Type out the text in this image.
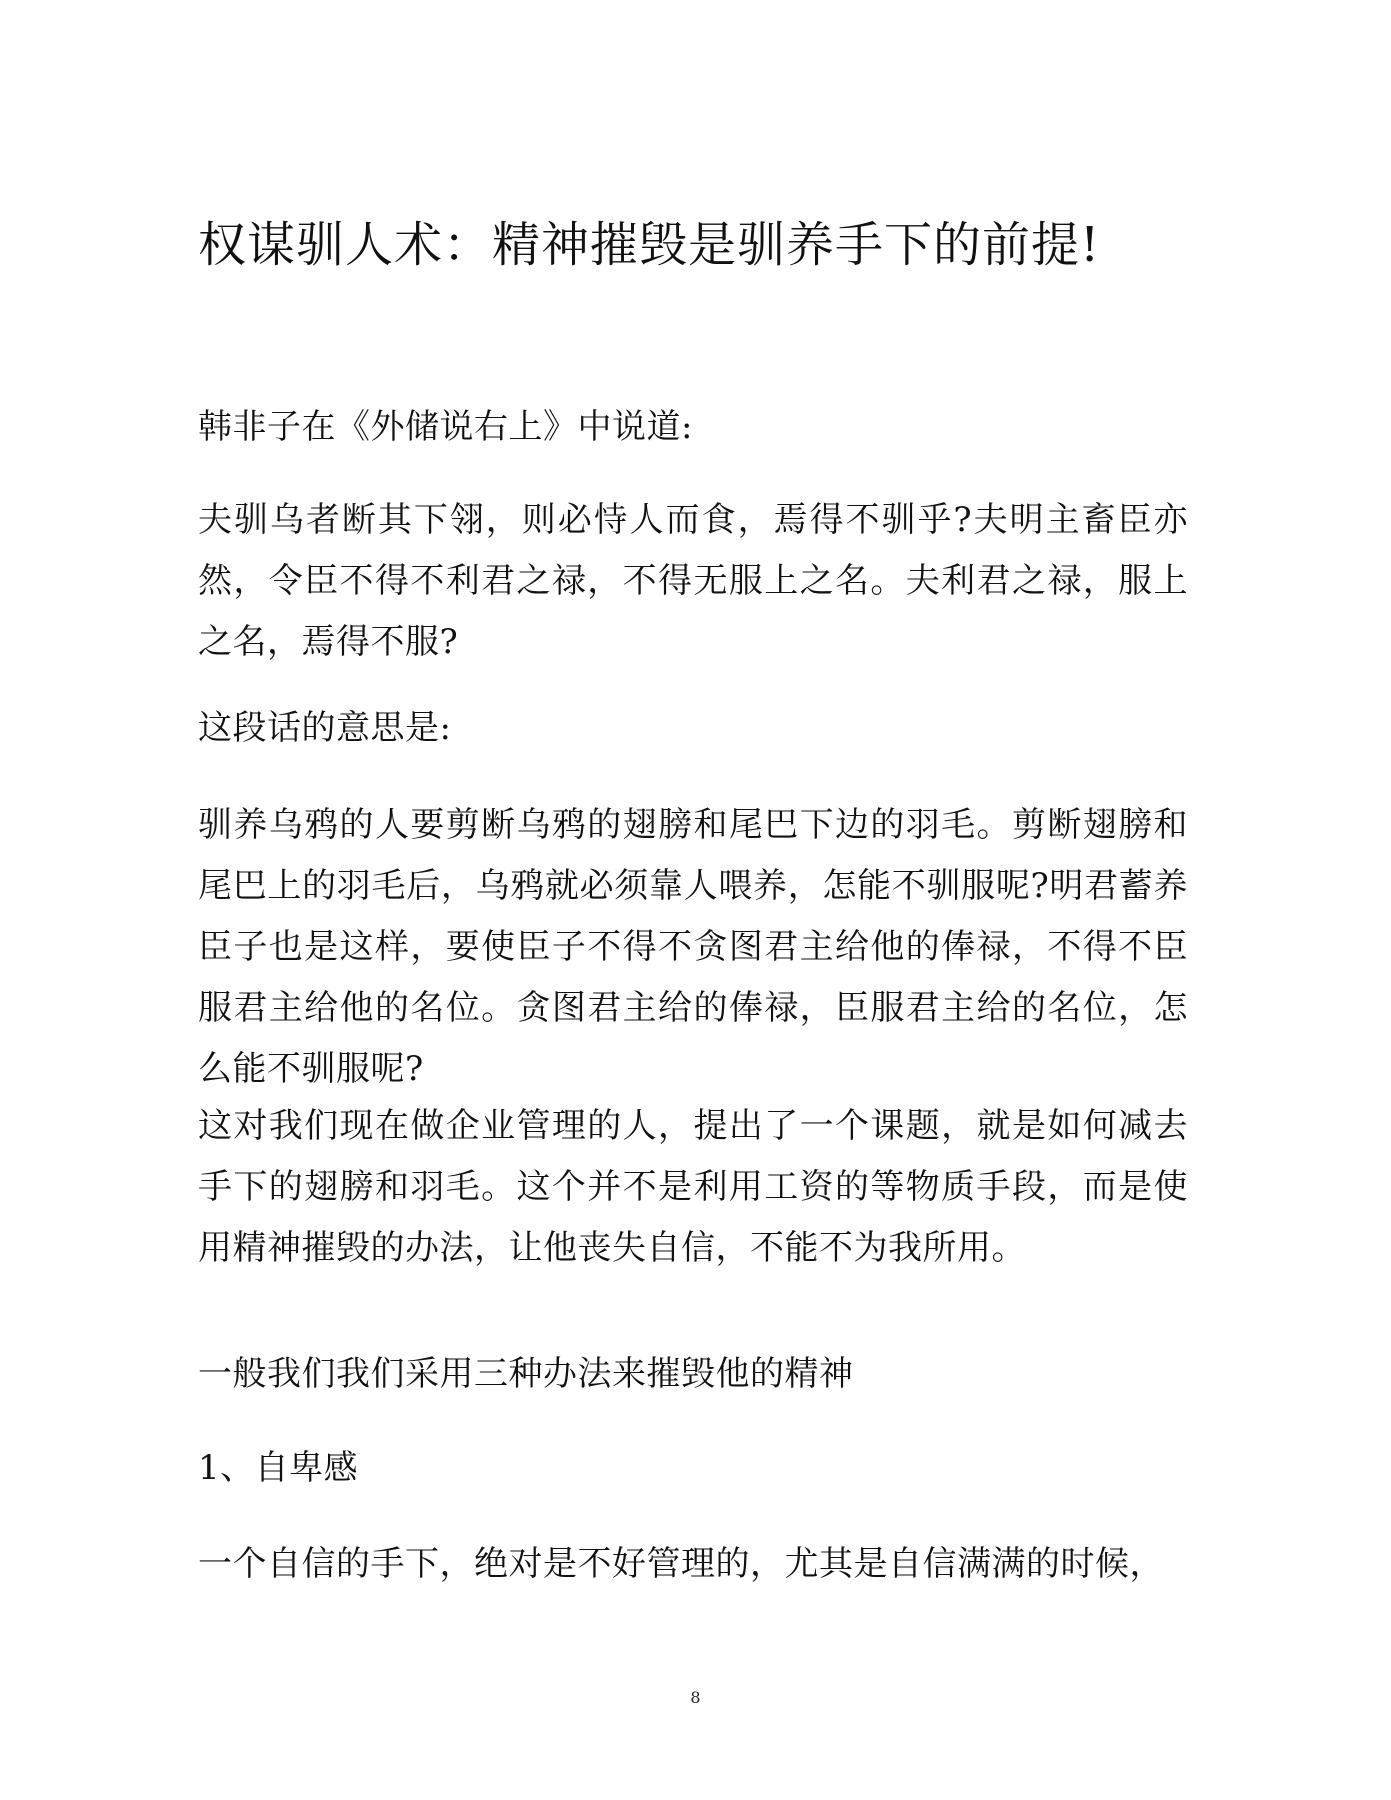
权谋驯人术：精神摧毁是驯养手下的前提!

韩非子在《外储说右上》中说道:

夫驯乌者断其下翎，则必恃人而食，焉得不驯乎?夫明主畜臣亦然，令臣不得不利君之禄，不得无服上之名。夫利君之禄，服上之名，焉得不服?

这段话的意思是:

驯养乌鸦的人要剪断乌鸦的翅膀和尾巴下边的羽毛。剪断翅膀和尾巴上的羽毛后，乌鸦就必须靠人喂养，怎能不驯服呢?明君蓄养臣子也是这样，要使臣子不得不贪图君主给他的俸禄，不得不臣服君主给他的名位。贪图君主给的俸禄，臣服君主给的名位，怎么能不驯服呢?

这对我们现在做企业管理的人，提出了一个课题，就是如何减去手下的翅膀和羽毛。这个并不是利用工资的等物质手段，而是使用精神摧毁的办法，让他丧失自信，不能不为我所用。

一般我们我们采用三种办法来摧毁他的精神

1、自卑感

一个自信的手下，绝对是不好管理的，尤其是自信满满的时候，

8
